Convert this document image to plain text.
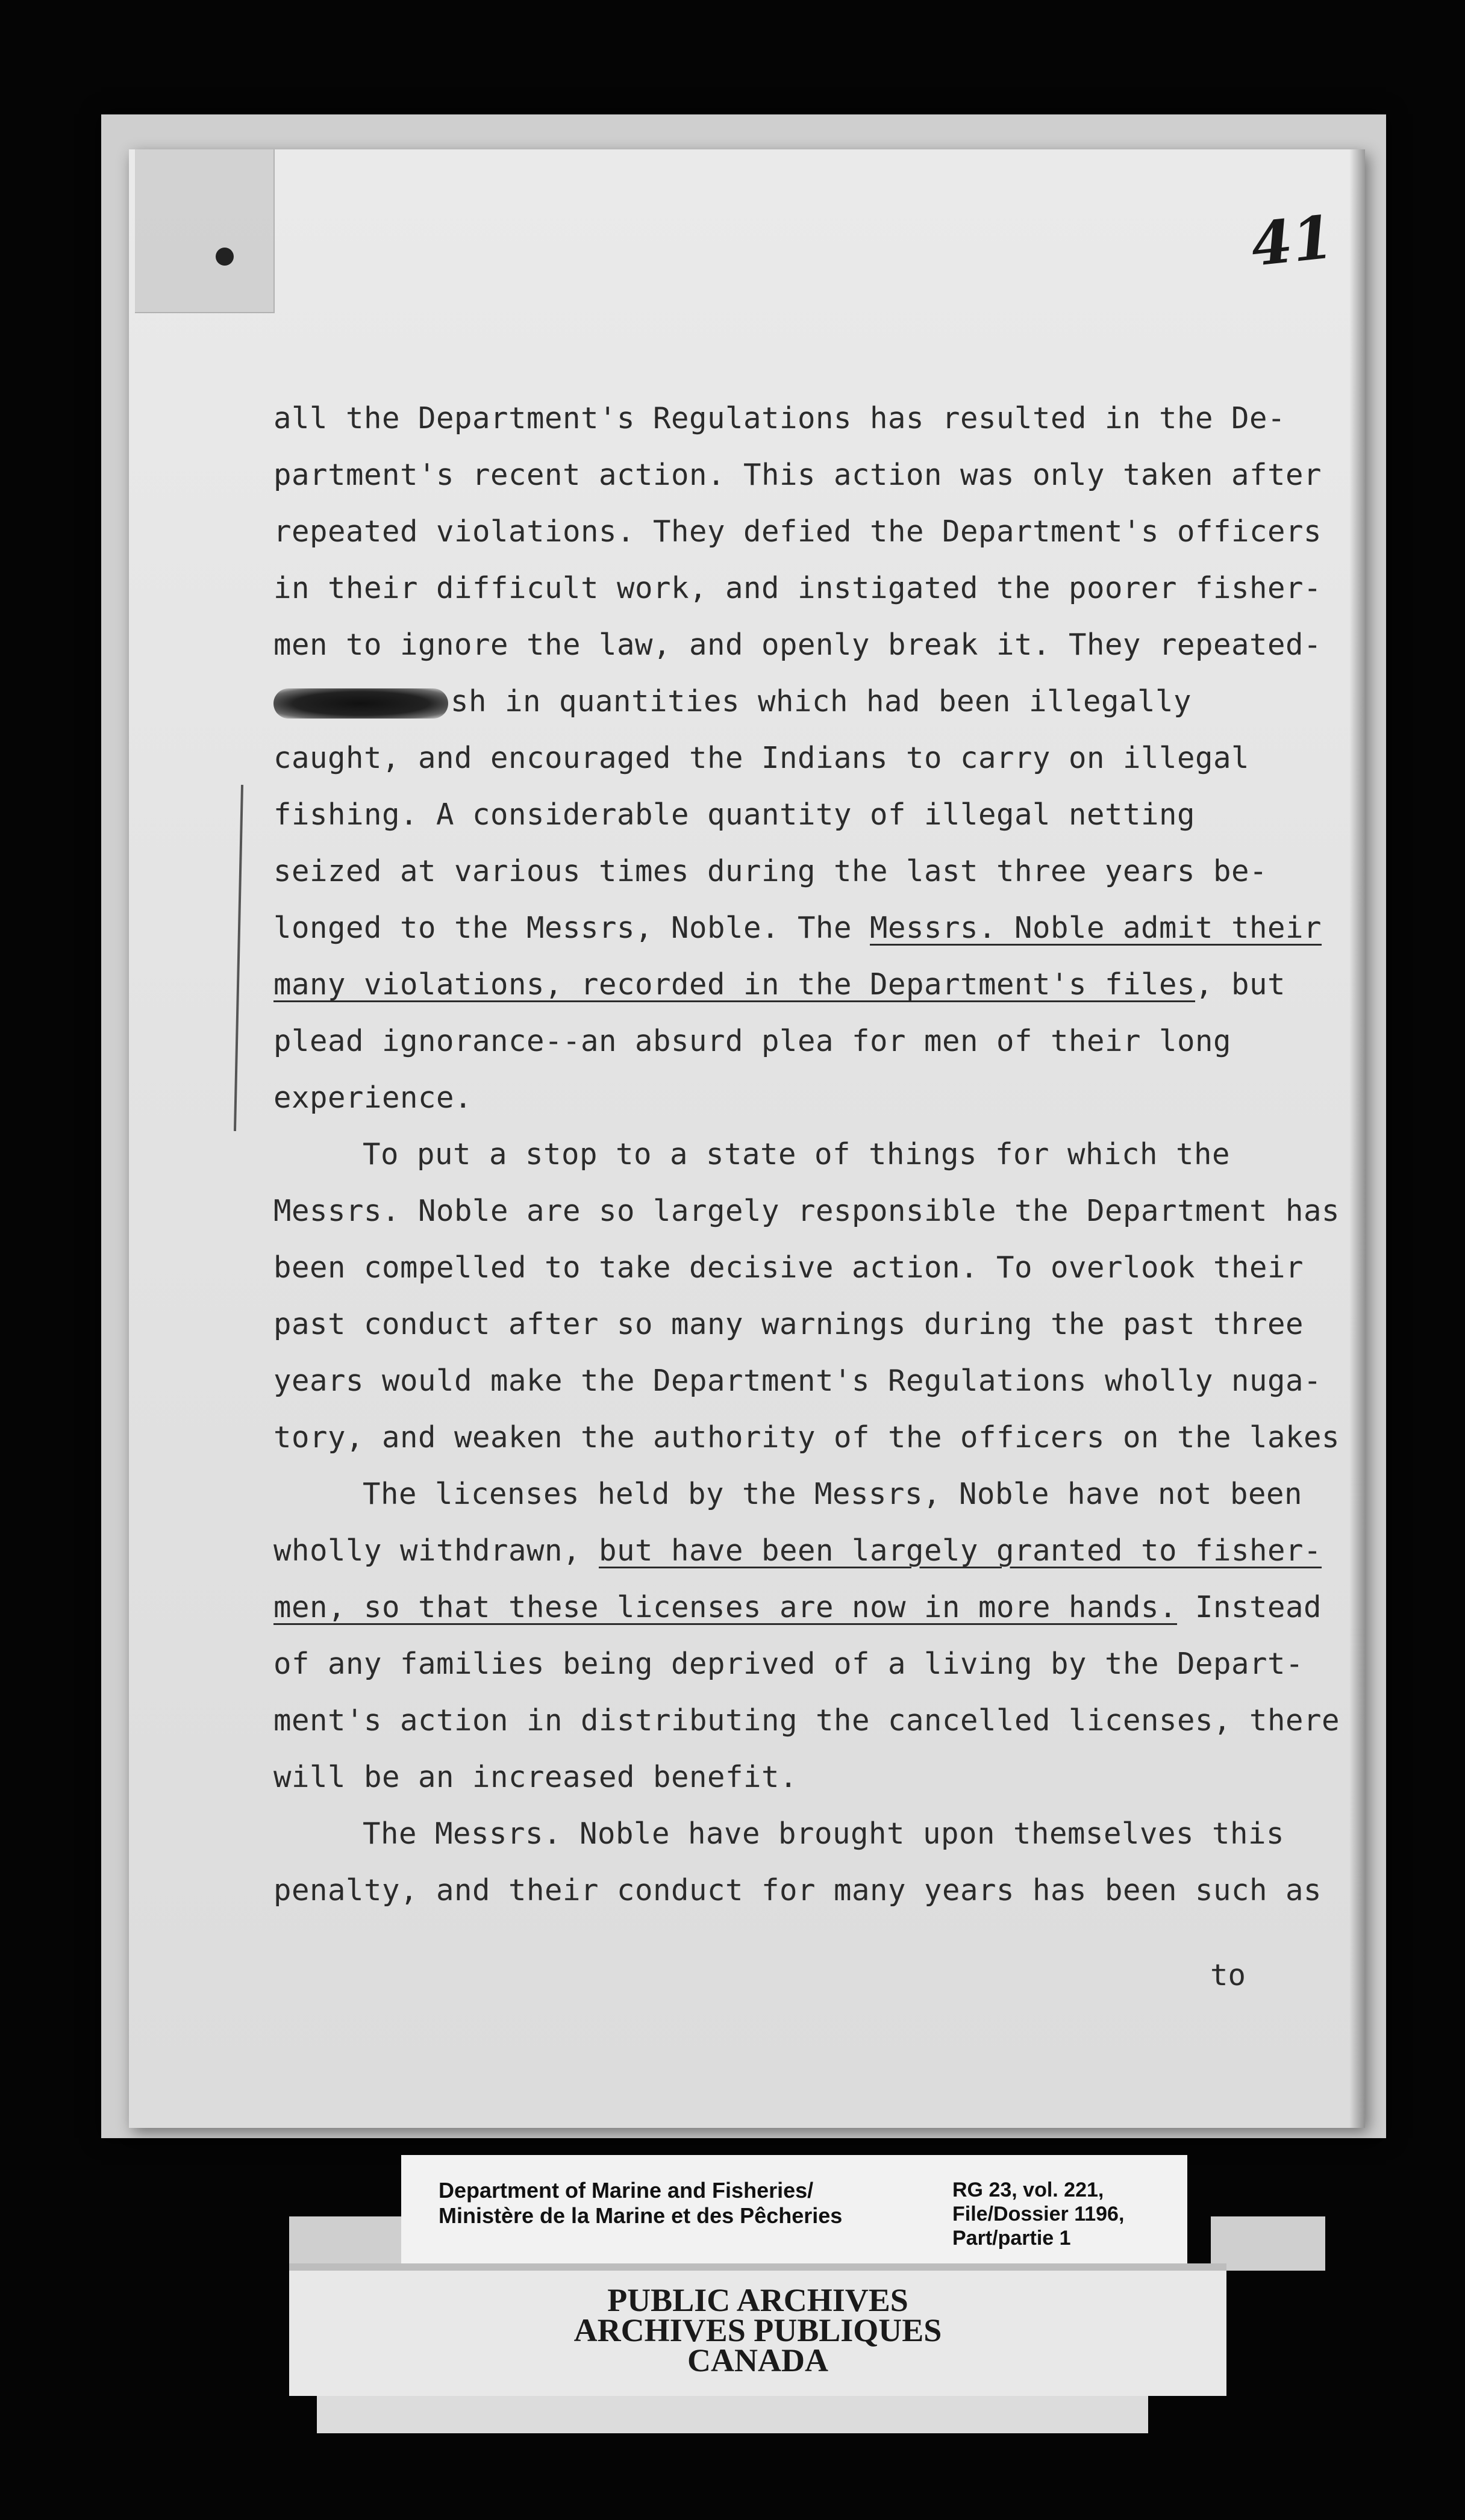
41
all the Department's Regulations has resulted in the De-
partment's recent action. This action was only taken after
repeated violations. They defied the Department's officers
in their difficult work, and instigated the poorer fisher-
men to ignore the law, and openly break it. They repeated-
sh in quantities which had been illegally
caught, and encouraged the Indians to carry on illegal
fishing. A considerable quantity of illegal netting
seized at various times during the last three years be-
longed to the Messrs, Noble. The Messrs. Noble admit their
many violations, recorded in the Department's files, but
plead ignorance--an absurd plea for men of their long
experience.
To put a stop to a state of things for which the
Messrs. Noble are so largely responsible the Department has
been compelled to take decisive action. To overlook their
past conduct after so many warnings during the past three
years would make the Department's Regulations wholly nuga-
tory, and weaken the authority of the officers on the lakes
The licenses held by the Messrs, Noble have not been
wholly withdrawn, but have been largely granted to fisher-
men, so that these licenses are now in more hands. Instead
of any families being deprived of a living by the Depart-
ment's action in distributing the cancelled licenses, there
will be an increased benefit.
The Messrs. Noble have brought upon themselves this
penalty, and their conduct for many years has been such as
to
Department of Marine and Fisheries/
Ministère de la Marine et des Pêcheries
RG 23, vol. 221,
File/Dossier 1196,
Part/partie 1
PUBLIC ARCHIVES
ARCHIVES PUBLIQUES
CANADA
